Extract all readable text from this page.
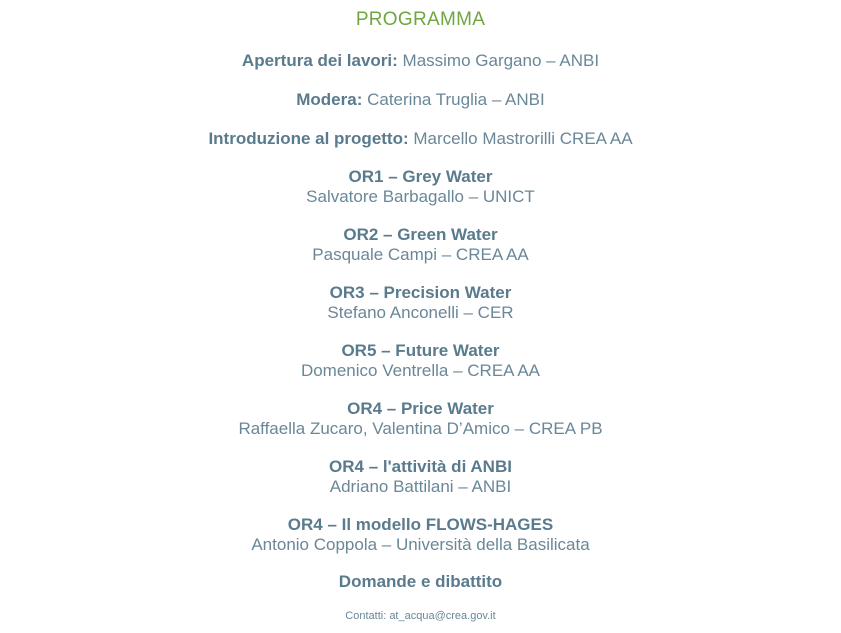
PROGRAMMA
Apertura dei lavori: Massimo Gargano – ANBI
Modera: Caterina Truglia – ANBI
Introduzione al progetto: Marcello Mastrorilli CREA AA
OR1 – Grey Water
Salvatore Barbagallo – UNICT
OR2 – Green Water
Pasquale Campi – CREA AA
OR3 – Precision Water
Stefano Anconelli – CER
OR5 – Future Water
Domenico Ventrella – CREA AA
OR4 – Price Water
Raffaella Zucaro, Valentina D’Amico – CREA PB
OR4 – l'attività di ANBI
Adriano Battilani – ANBI
OR4 – Il modello FLOWS-HAGES
Antonio Coppola – Università della Basilicata
Domande e dibattito
Contatti: at_acqua@crea.gov.it
